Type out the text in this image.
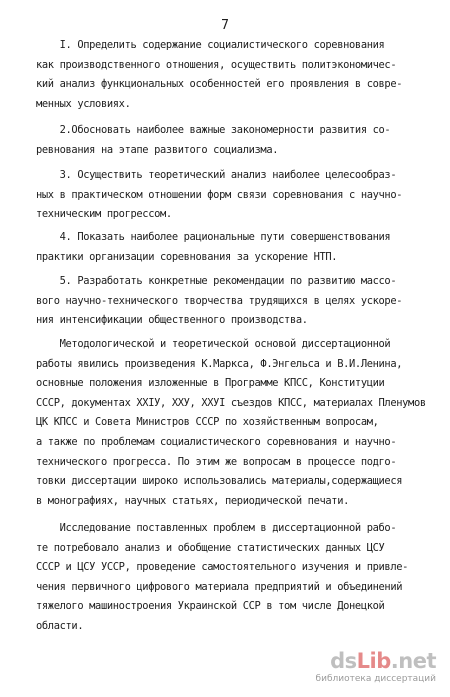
7
I. Определить содержание социалистического соревнования
как производственного отношения, осуществить политэкономичес-
кий анализ функциональных особенностей его проявления в совре-
менных условиях.
2.Обосновать наиболее важные закономерности развития со-
ревнования на этапе развитого социализма.
3. Осуществить теоретический анализ наиболее целесообраз-
ных в практическом отношении форм связи соревнования с научно-
техническим прогрессом.
4. Показать наиболее рациональные пути совершенствования
практики организации соревнования за ускорение НТП.
5. Разработать конкретные рекомендации по развитию массо-
вого научно-технического творчества трудящихся в целях ускоре-
ния интенсификации общественного производства.
Методологической и теоретической основой диссертационной
работы явились произведения К.Маркса, Ф.Энгельса и В.И.Ленина,
основные положения изложенные в Программе КПСС, Конституции
СССР, документах ХХIУ, ХХУ, ХХУI съездов КПСС, материалах Пленумов ЦК КПСС и Совета Министров СССР по хозяйственным вопросам,
а также по проблемам социалистического соревнования и научно-
технического прогресса. По этим же вопросам в процессе подго-
товки диссертации широко использовались материалы,содержащиеся
в монографиях, научных статьях, периодической печати.
Исследование поставленных проблем в диссертационной рабо-
те потребовало анализ и обобщение статистических данных ЦСУ
СССР и ЦСУ УССР, проведение самостоятельного изучения и привле-
чения первичного цифрового материала предприятий и объединений
тяжелого машиностроения Украинской ССР в том числе Донецкой
области.
dsLib.net
библиотека диссертаций
